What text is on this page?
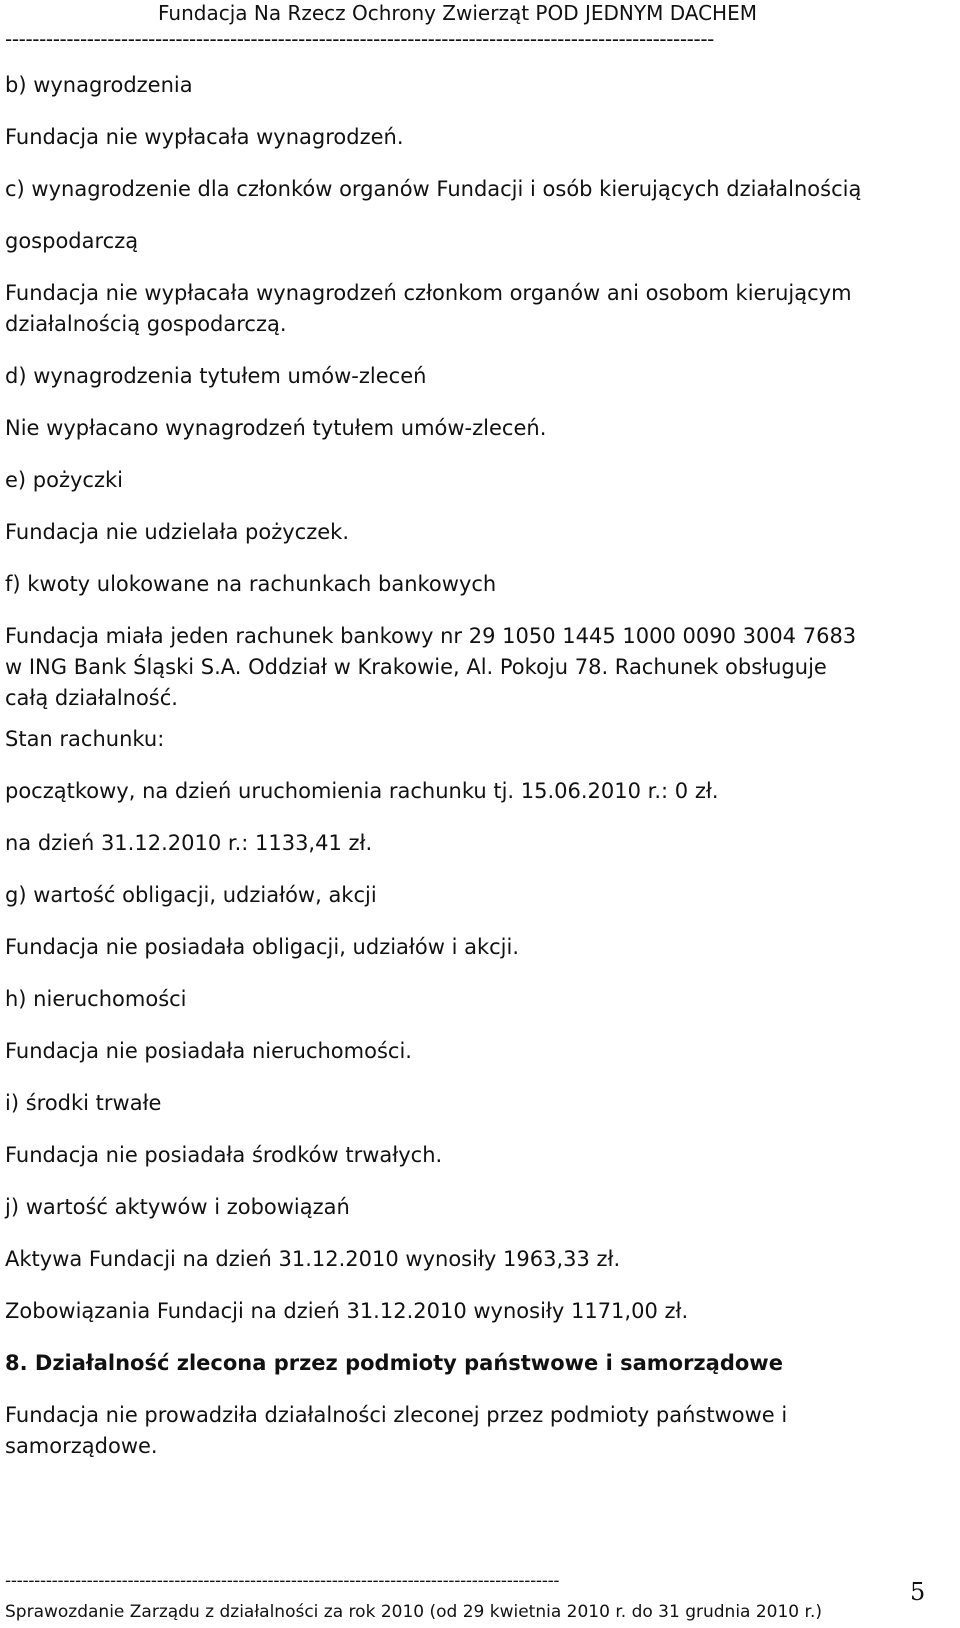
Fundacja Na Rzecz Ochrony Zwierząt POD JEDNYM DACHEM
--------------------------------------------------------------------------------------------------------

b) wynagrodzenia

Fundacja nie wypłacała wynagrodzeń.

c) wynagrodzenie dla członków organów Fundacji i osób kierujących działalnością

gospodarczą

Fundacja nie wypłacała wynagrodzeń członkom organów ani osobom kierującym
działalnością gospodarczą.

d) wynagrodzenia tytułem umów-zleceń

Nie wypłacano wynagrodzeń tytułem umów-zleceń.

e) pożyczki

Fundacja nie udzielała pożyczek.

f) kwoty ulokowane na rachunkach bankowych

Fundacja miała jeden rachunek bankowy nr 29 1050 1445 1000 0090 3004 7683
w ING Bank Śląski S.A. Oddział w Krakowie, Al. Pokoju 78. Rachunek obsługuje
całą działalność.

Stan rachunku:

początkowy, na dzień uruchomienia rachunku tj. 15.06.2010 r.: 0 zł.

na dzień 31.12.2010 r.: 1133,41 zł.

g) wartość obligacji, udziałów, akcji

Fundacja nie posiadała obligacji, udziałów i akcji.

h) nieruchomości

Fundacja nie posiadała nieruchomości.

i) środki trwałe

Fundacja nie posiadała środków trwałych.

j) wartość aktywów i zobowiązań

Aktywa Fundacji na dzień 31.12.2010 wynosiły 1963,33 zł.

Zobowiązania Fundacji na dzień 31.12.2010 wynosiły 1171,00 zł.

8. Działalność zlecona przez podmioty państwowe i samorządowe

Fundacja nie prowadziła działalności zleconej przez podmioty państwowe i
samorządowe.

-----------------------------------------------------------------------------------------------	5
Sprawozdanie Zarządu z działalności za rok 2010 (od 29 kwietnia 2010 r. do 31 grudnia 2010 r.)
